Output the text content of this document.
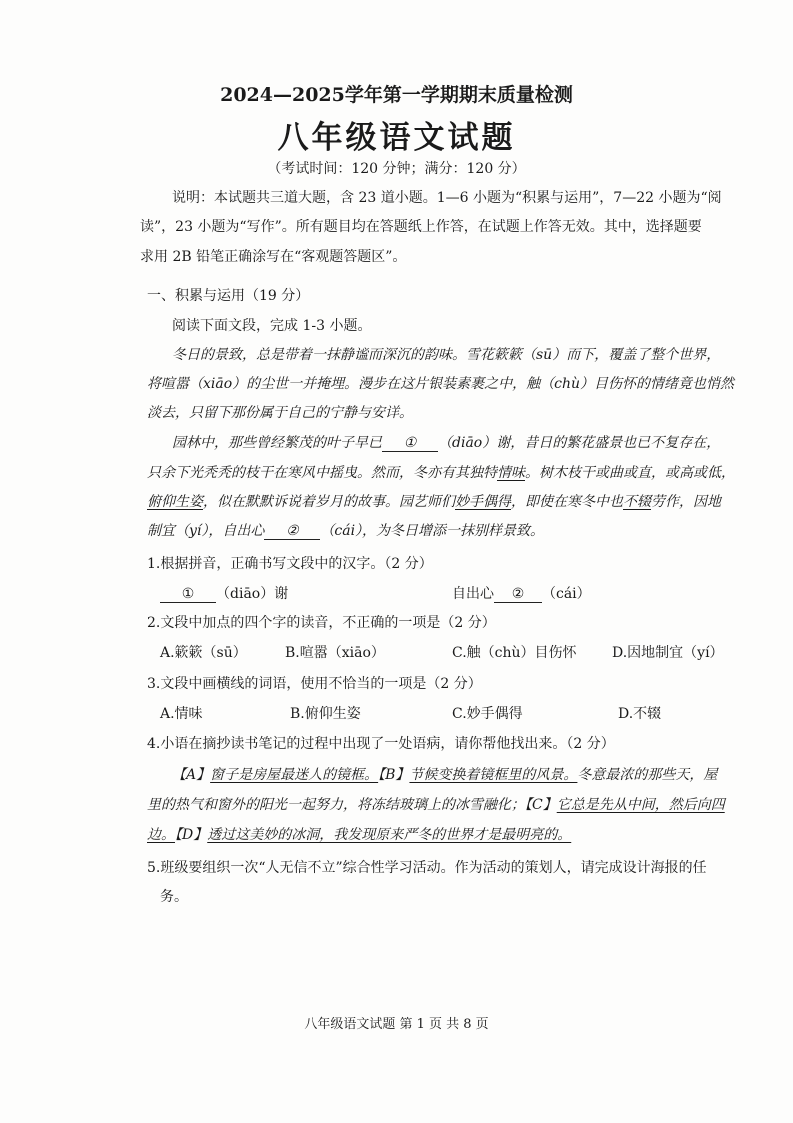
2024—2025学年第一学期期末质量检测
八年级语文试题
（考试时间：120 分钟；满分：120 分）
说明：本试题共三道大题，含 23 道小题。1—6 小题为“积累与运用”，7—22 小题为“阅
读”，23 小题为“写作”。所有题目均在答题纸上作答，在试题上作答无效。其中，选择题要
求用 2B 铅笔正确涂写在“客观题答题区”。
一、积累与运用（19 分）
阅读下面文段，完成 1-3 小题。
冬日的景致，总是带着一抹静谧而深沉的韵味。雪花簌簌（sū）而下，覆盖了整个世界，
将喧嚣（xiāo）的尘世一并掩埋。漫步在这片银装素裹之中，触（chù）目伤怀的情绪竟也悄然
淡去，只留下那份属于自己的宁静与安详。
园林中，那些曾经繁茂的叶子早已 ① （diāo）谢，昔日的繁花盛景也已不复存在，
只余下光秃秃的枝干在寒风中摇曳。然而，冬亦有其独特情味。树木枝干或曲或直，或高或低，
俯仰生姿，似在默默诉说着岁月的故事。园艺师们妙手偶得，即使在寒冬中也不辍劳作，因地
制宜（yí），自出心 ② （cái），为冬日增添一抹别样景致。
1.根据拼音，正确书写文段中的汉字。（2 分）
① （diāo）谢	自出心 ② （cái）
2.文段中加点的四个字的读音，不正确的一项是（2 分）
A.簌簌（sū）	B.喧嚣（xiāo）	C.触（chù）目伤怀	D.因地制宜（yí）
3.文段中画横线的词语，使用不恰当的一项是（2 分）
A.情味	B.俯仰生姿	C.妙手偶得	D.不辍
4.小语在摘抄读书笔记的过程中出现了一处语病，请你帮他找出来。（2 分）
【A】窗子是房屋最迷人的镜框。【B】节候变换着镜框里的风景。冬意最浓的那些天，屋
里的热气和窗外的阳光一起努力，将冻结玻璃上的冰雪融化；【C】它总是先从中间，然后向四
边。【D】透过这美妙的冰洞，我发现原来严冬的世界才是最明亮的。
5.班级要组织一次“人无信不立”综合性学习活动。作为活动的策划人，请完成设计海报的任
务。
八年级语文试题 第 1 页 共 8 页
